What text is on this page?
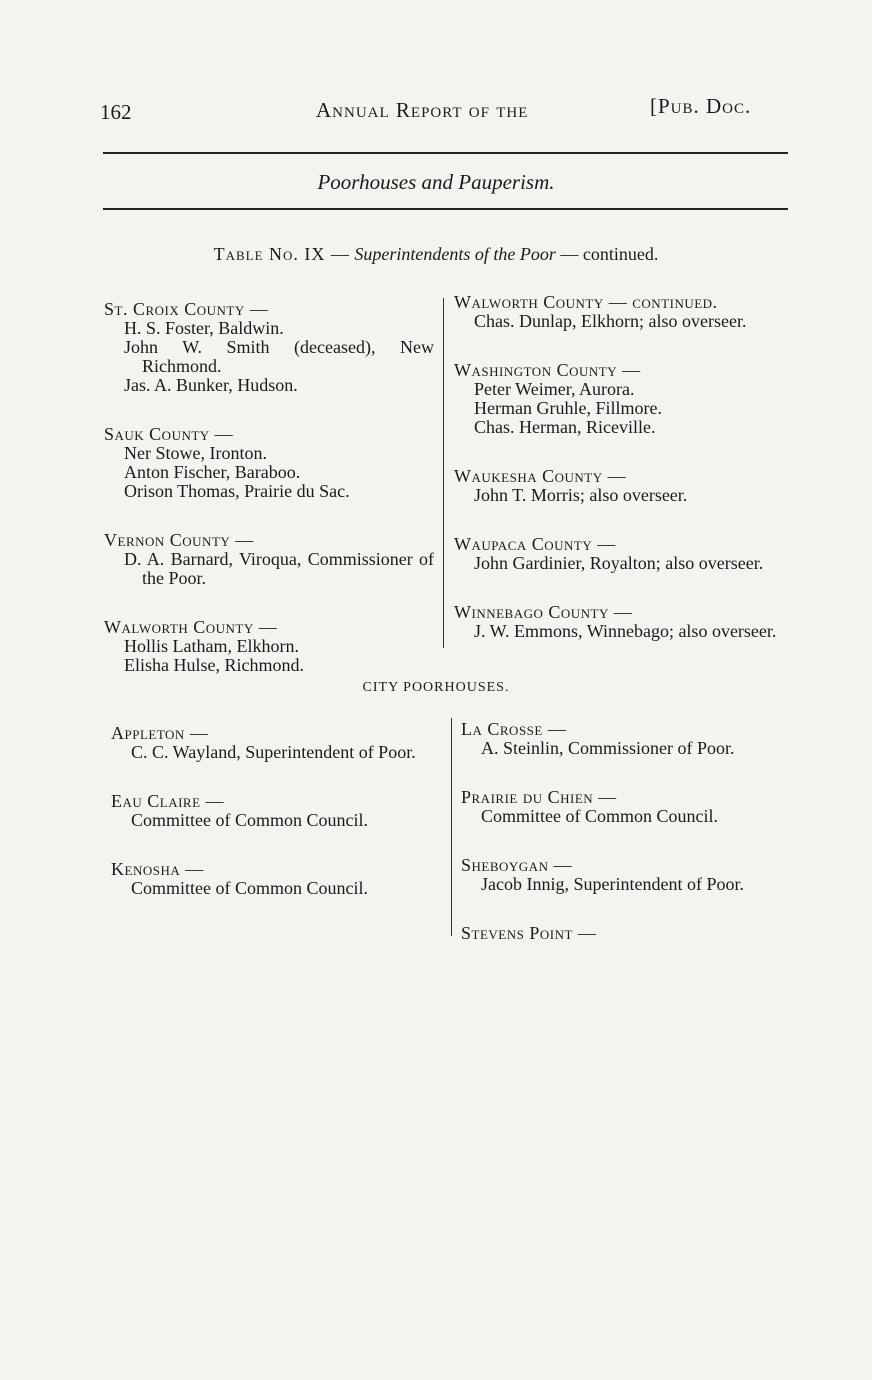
162	Annual Report of the	[Pub. Doc.
Poorhouses and Pauperism.
Table No. IX — Superintendents of the Poor — continued.
St. Croix County —
H. S. Foster, Baldwin.
John W. Smith (deceased), New Richmond.
Jas. A. Bunker, Hudson.
Sauk County —
Ner Stowe, Ironton.
Anton Fischer, Baraboo.
Orison Thomas, Prairie du Sac.
Vernon County —
D. A. Barnard, Viroqua, Commissioner of the Poor.
Walworth County —
Hollis Latham, Elkhorn.
Elisha Hulse, Richmond.
Walworth County — continued.
Chas. Dunlap, Elkhorn; also overseer.
Washington County —
Peter Weimer, Aurora.
Herman Gruhle, Fillmore.
Chas. Herman, Riceville.
Waukesha County —
John T. Morris; also overseer.
Waupaca County —
John Gardinier, Royalton; also overseer.
Winnebago County —
J. W. Emmons, Winnebago; also overseer.
CITY POORHOUSES.
Appleton —
C. C. Wayland, Superintendent of Poor.
Eau Claire —
Committee of Common Council.
Kenosha —
Committee of Common Council.
La Crosse —
A. Steinlin, Commissioner of Poor.
Prairie du Chien —
Committee of Common Council.
Sheboygan —
Jacob Innig, Superintendent of Poor.
Stevens Point —
